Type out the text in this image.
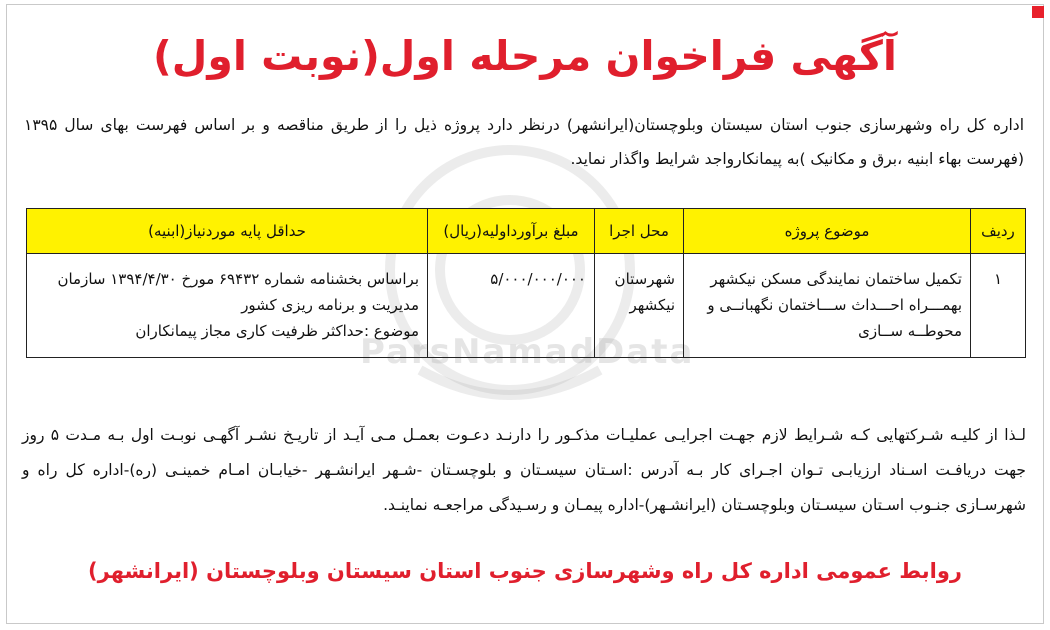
ParsNamadData
آگهی فراخوان مرحله اول(نوبت اول)

اداره کل راه وشهرسازی جنوب استان سیستان وبلوچستان(ایرانشهر) درنظر دارد پروژه ذیل را از طریق مناقصه و بر اساس فهرست بهای سال ۱۳۹۵ (فهرست بهاء ابنیه ،برق و مکانیک )به پیمانکارواجد شرایط واگذار نماید.

ردیف	موضوع پروژه	محل اجرا	مبلغ برآورداولیه(ریال)	حداقل پایه موردنیاز(ابنیه)
۱	تکمیل ساختمان نمایندگی مسکن نیکشهر بهمـــراه احـــداث ســـاختمان نگهبانــی و محوطــه ســازی	شهرستان نیکشهر	۵/۰۰۰/۰۰۰/۰۰۰	براساس بخشنامه شماره ۶۹۴۳۲ مورخ ۱۳۹۴/۴/۳۰ سازمان
مدیریت و برنامه ریزی کشور
موضوع :حداکثر ظرفیت کاری مجاز پیمانکاران

لـذا از کلیـه شـرکتهایی کـه شـرایط لازم جهـت اجرایـی عملیـات مذکـور را دارنـد دعـوت بعمـل مـی آیـد از تاریـخ نشـر آگهـی نوبـت اول بـه مـدت ۵ روز جهت دریافـت اسـناد ارزیابـی تـوان اجـرای کار بـه آدرس :اسـتان سیسـتان و بلوچسـتان -شـهر ایرانشـهر -خیابـان امـام خمینـی (ره)-اداره کل راه و شهرسـازی جنـوب اسـتان سیسـتان وبلوچسـتان (ایرانشـهر)-اداره پیمـان و رسـیدگی مراجعـه نماینـد.

روابط عمومی اداره کل راه وشهرسازی جنوب استان سیستان وبلوچستان (ایرانشهر)
